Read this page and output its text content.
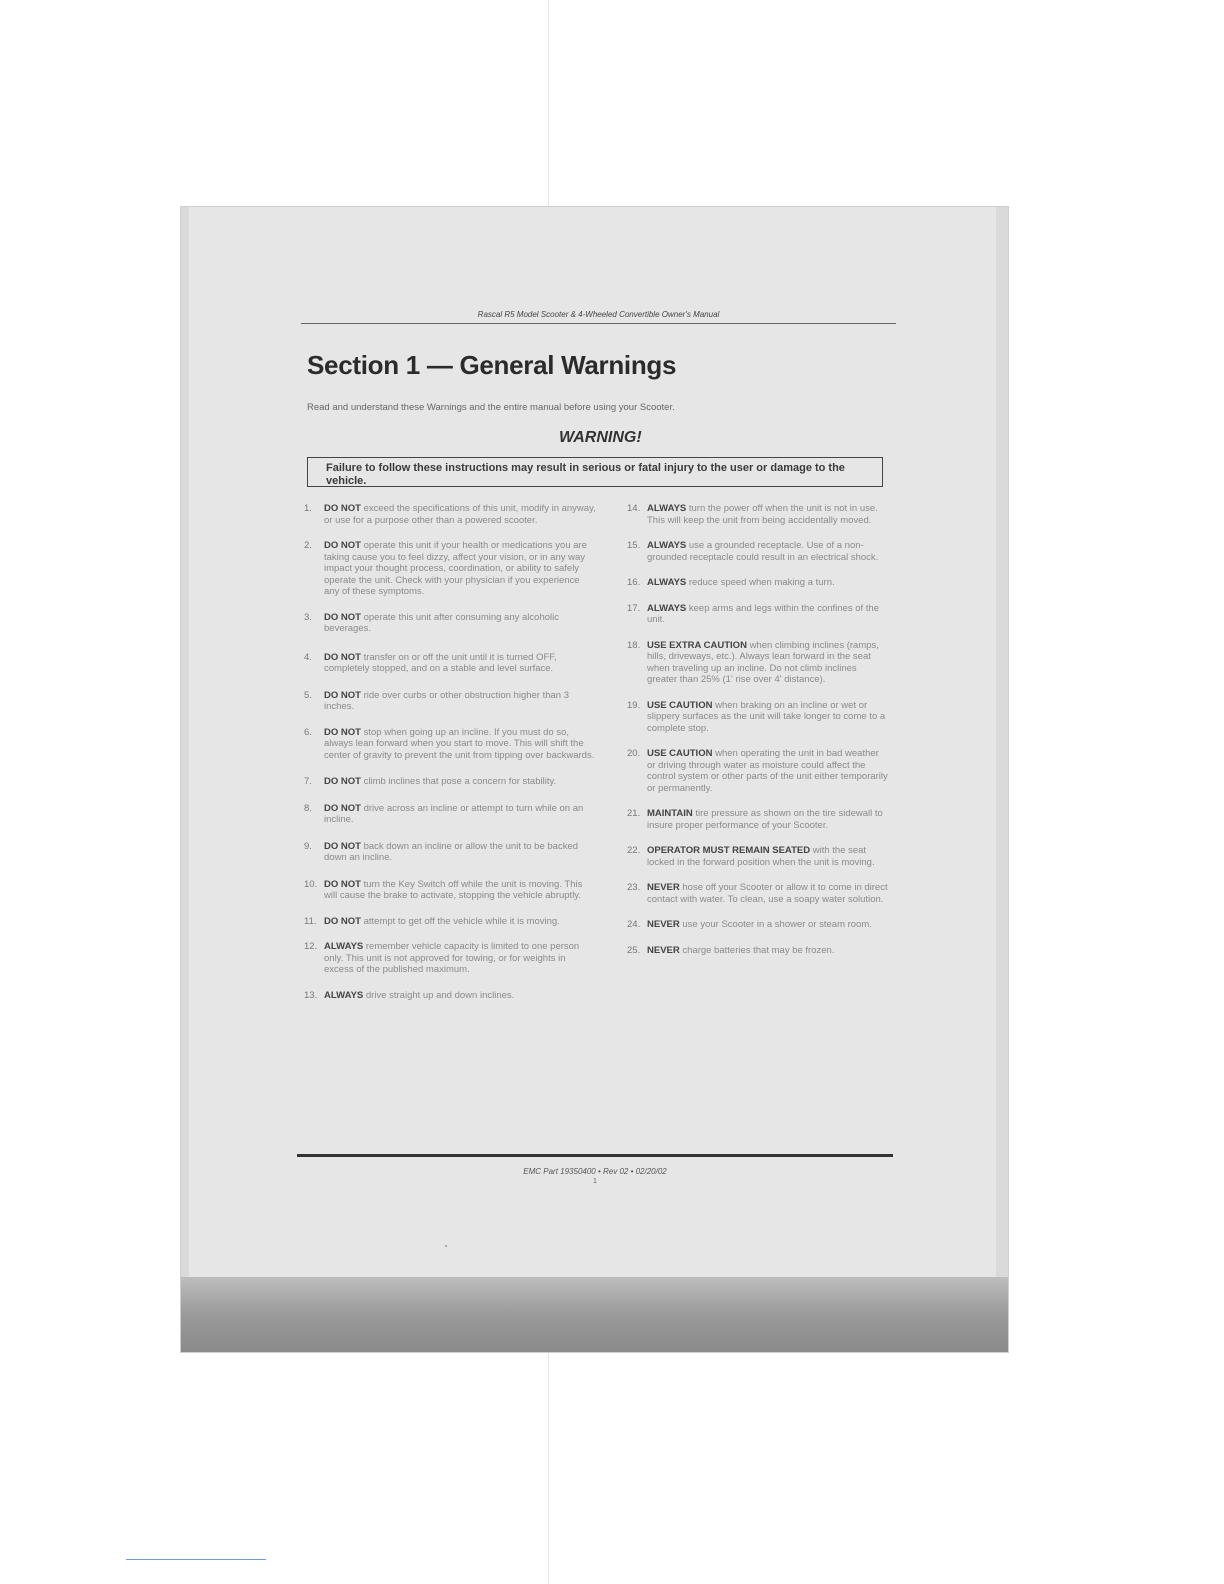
Rascal R5 Model Scooter & 4-Wheeled Convertible Owner's Manual
Section 1 — General Warnings
Read and understand these Warnings and the entire manual before using your Scooter.
WARNING!
Failure to follow these instructions may result in serious or fatal injury to the user or damage to the vehicle.
1. DO NOT exceed the specifications of this unit, modify in anyway, or use for a purpose other than a powered scooter.
2. DO NOT operate this unit if your health or medications you are taking cause you to feel dizzy, affect your vision, or in any way impact your thought process, coordination, or ability to safely operate the unit. Check with your physician if you experience any of these symptoms.
3. DO NOT operate this unit after consuming any alcoholic beverages.
4. DO NOT transfer on or off the unit until it is turned OFF, completely stopped, and on a stable and level surface.
5. DO NOT ride over curbs or other obstruction higher than 3 inches.
6. DO NOT stop when going up an incline. If you must do so, always lean forward when you start to move. This will shift the center of gravity to prevent the unit from tipping over backwards.
7. DO NOT climb inclines that pose a concern for stability.
8. DO NOT drive across an incline or attempt to turn while on an incline.
9. DO NOT back down an incline or allow the unit to be backed down an incline.
10. DO NOT turn the Key Switch off while the unit is moving. This will cause the brake to activate, stopping the vehicle abruptly.
11. DO NOT attempt to get off the vehicle while it is moving.
12. ALWAYS remember vehicle capacity is limited to one person only. This unit is not approved for towing, or for weights in excess of the published maximum.
13. ALWAYS drive straight up and down inclines.
14. ALWAYS turn the power off when the unit is not in use. This will keep the unit from being accidentally moved.
15. ALWAYS use a grounded receptacle. Use of a non-grounded receptacle could result in an electrical shock.
16. ALWAYS reduce speed when making a turn.
17. ALWAYS keep arms and legs within the confines of the unit.
18. USE EXTRA CAUTION when climbing inclines (ramps, hills, driveways, etc.). Always lean forward in the seat when traveling up an incline. Do not climb inclines greater than 25% (1' rise over 4' distance).
19. USE CAUTION when braking on an incline or wet or slippery surfaces as the unit will take longer to come to a complete stop.
20. USE CAUTION when operating the unit in bad weather or driving through water as moisture could affect the control system or other parts of the unit either temporarily or permanently.
21. MAINTAIN tire pressure as shown on the tire sidewall to insure proper performance of your Scooter.
22. OPERATOR MUST REMAIN SEATED with the seat locked in the forward position when the unit is moving.
23. NEVER hose off your Scooter or allow it to come in direct contact with water. To clean, use a soapy water solution.
24. NEVER use your Scooter in a shower or steam room.
25. NEVER charge batteries that may be frozen.
EMC Part 19350400 • Rev 02 • 02/20/02
1
